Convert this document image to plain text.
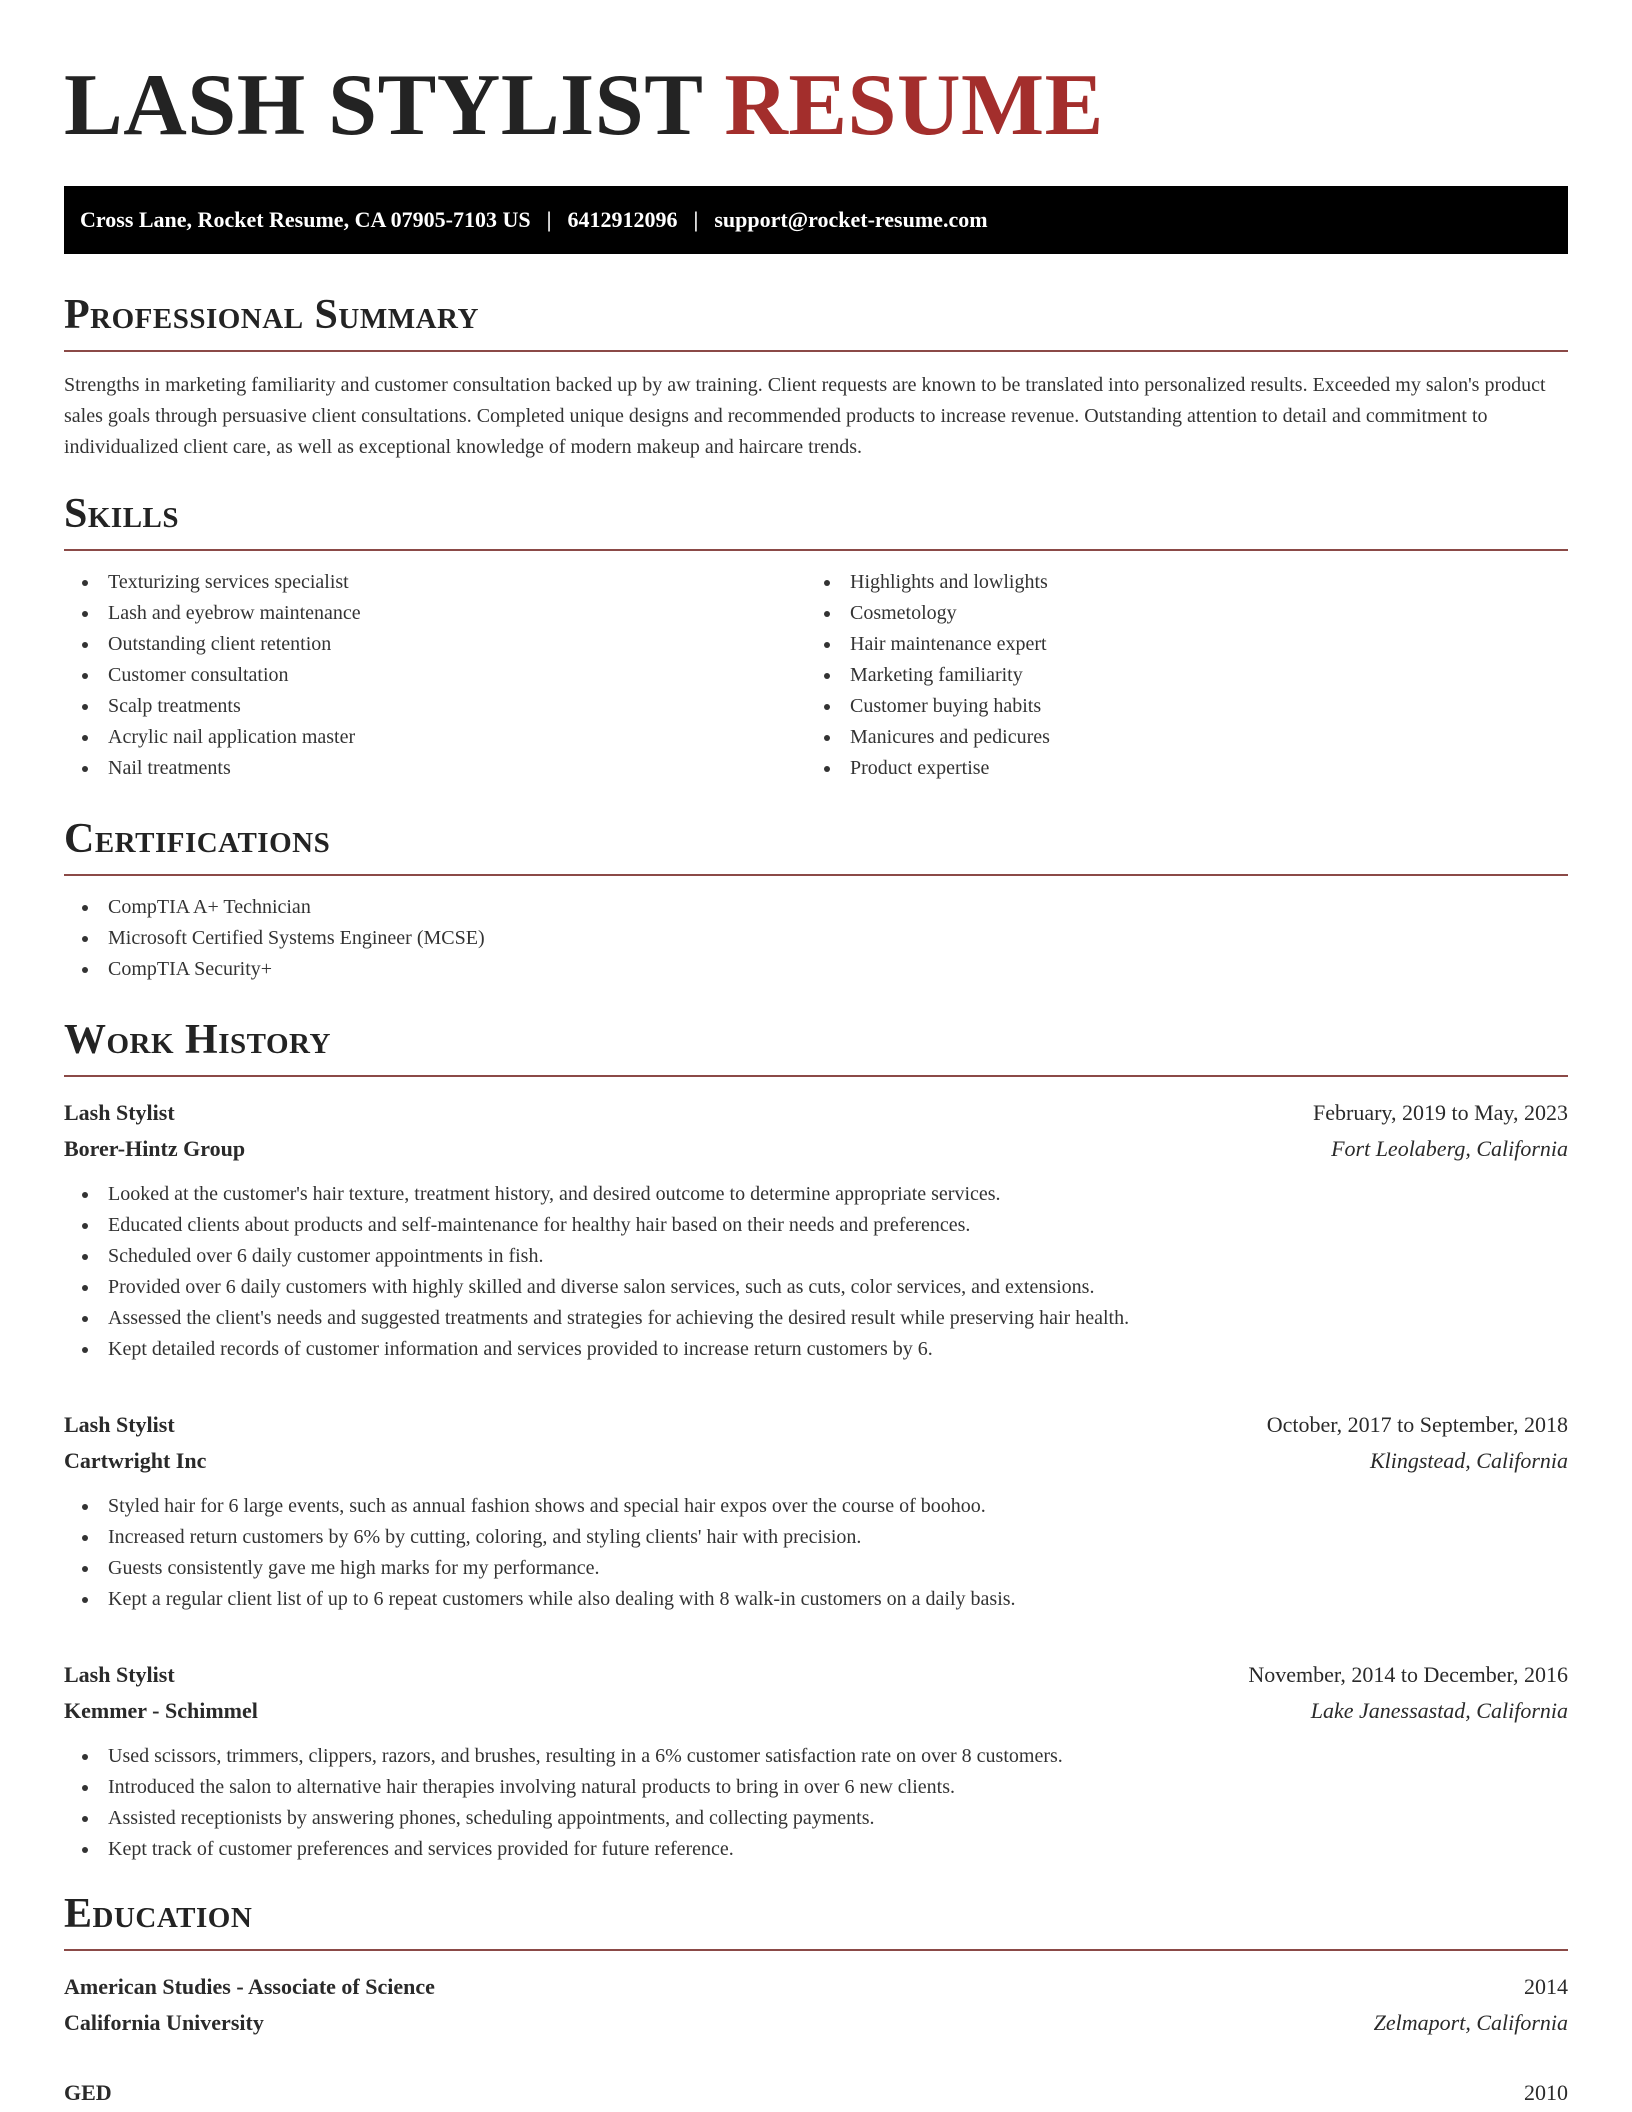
LASH STYLIST RESUME
Cross Lane, Rocket Resume, CA 07905-7103 US | 6412912096 | support@rocket-resume.com
Professional Summary

Strengths in marketing familiarity and customer consultation backed up by aw training. Client requests are known to be translated into personalized results. Exceeded my salon's product sales goals through persuasive client consultations. Completed unique designs and recommended products to increase revenue. Outstanding attention to detail and commitment to individualized client care, as well as exceptional knowledge of modern makeup and haircare trends.

Skills
Texturizing services specialist
Lash and eyebrow maintenance
Outstanding client retention
Customer consultation
Scalp treatments
Acrylic nail application master
Nail treatments
Highlights and lowlights
Cosmetology
Hair maintenance expert
Marketing familiarity
Customer buying habits
Manicures and pedicures
Product expertise
Certifications
CompTIA A+ Technician
Microsoft Certified Systems Engineer (MCSE)
CompTIA Security+
Work History
Lash Stylist	February, 2019 to May, 2023
Borer-Hintz Group	Fort Leolaberg, California
Looked at the customer's hair texture, treatment history, and desired outcome to determine appropriate services.
Educated clients about products and self-maintenance for healthy hair based on their needs and preferences.
Scheduled over 6 daily customer appointments in fish.
Provided over 6 daily customers with highly skilled and diverse salon services, such as cuts, color services, and extensions.
Assessed the client's needs and suggested treatments and strategies for achieving the desired result while preserving hair health.
Kept detailed records of customer information and services provided to increase return customers by 6.
Lash Stylist	October, 2017 to September, 2018
Cartwright Inc	Klingstead, California
Styled hair for 6 large events, such as annual fashion shows and special hair expos over the course of boohoo.
Increased return customers by 6% by cutting, coloring, and styling clients' hair with precision.
Guests consistently gave me high marks for my performance.
Kept a regular client list of up to 6 repeat customers while also dealing with 8 walk-in customers on a daily basis.
Lash Stylist	November, 2014 to December, 2016
Kemmer - Schimmel	Lake Janessastad, California
Used scissors, trimmers, clippers, razors, and brushes, resulting in a 6% customer satisfaction rate on over 8 customers.
Introduced the salon to alternative hair therapies involving natural products to bring in over 6 new clients.
Assisted receptionists by answering phones, scheduling appointments, and collecting payments.
Kept track of customer preferences and services provided for future reference.
Education
American Studies - Associate of Science	2014
California University	Zelmaport, California
GED	2010
